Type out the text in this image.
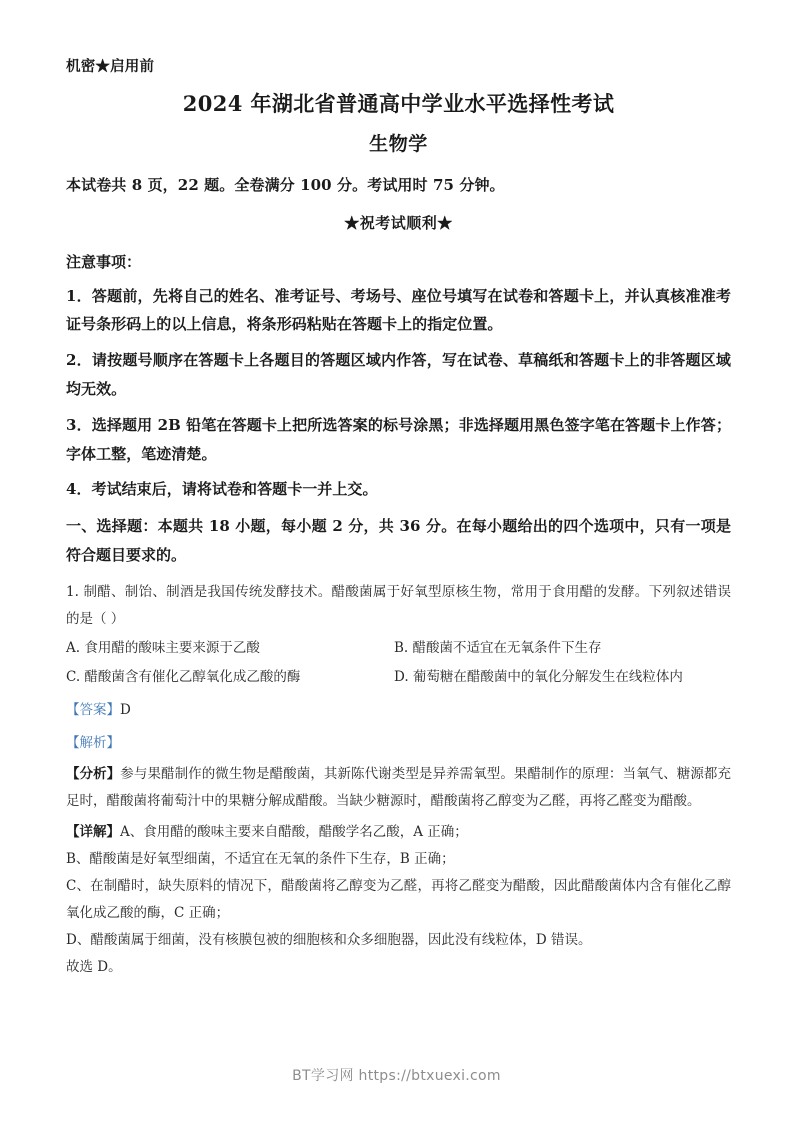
机密★启用前
2024 年湖北省普通高中学业水平选择性考试
生物学
本试卷共 8 页，22 题。全卷满分 100 分。考试用时 75 分钟。
★祝考试顺利★
注意事项：
1．答题前，先将自己的姓名、准考证号、考场号、座位号填写在试卷和答题卡上，并认真核准准考证号条形码上的以上信息，将条形码粘贴在答题卡上的指定位置。
2．请按题号顺序在答题卡上各题目的答题区域内作答，写在试卷、草稿纸和答题卡上的非答题区域均无效。
3．选择题用 2B 铅笔在答题卡上把所选答案的标号涂黑；非选择题用黑色签字笔在答题卡上作答；字体工整，笔迹清楚。
4．考试结束后，请将试卷和答题卡一并上交。
一、选择题：本题共 18 小题，每小题 2 分，共 36 分。在每小题给出的四个选项中，只有一项是符合题目要求的。
1. 制醋、制饴、制酒是我国传统发酵技术。醋酸菌属于好氧型原核生物，常用于食用醋的发酵。下列叙述错误的是（ ）
A. 食用醋的酸味主要来源于乙酸	B. 醋酸菌不适宜在无氧条件下生存
C. 醋酸菌含有催化乙醇氧化成乙酸的酶	D. 葡萄糖在醋酸菌中的氧化分解发生在线粒体内
【答案】D
【解析】
【分析】参与果醋制作的微生物是醋酸菌，其新陈代谢类型是异养需氧型。果醋制作的原理：当氧气、糖源都充足时，醋酸菌将葡萄汁中的果糖分解成醋酸。当缺少糖源时，醋酸菌将乙醇变为乙醛，再将乙醛变为醋酸。
【详解】A、食用醋的酸味主要来自醋酸，醋酸学名乙酸，A 正确；
B、醋酸菌是好氧型细菌，不适宜在无氧的条件下生存，B 正确；
C、在制醋时，缺失原料的情况下，醋酸菌将乙醇变为乙醛，再将乙醛变为醋酸，因此醋酸菌体内含有催化乙醇氧化成乙酸的酶，C 正确；
D、醋酸菌属于细菌，没有核膜包被的细胞核和众多细胞器，因此没有线粒体，D 错误。
故选 D。
BT学习网 https://btxuexi.com
